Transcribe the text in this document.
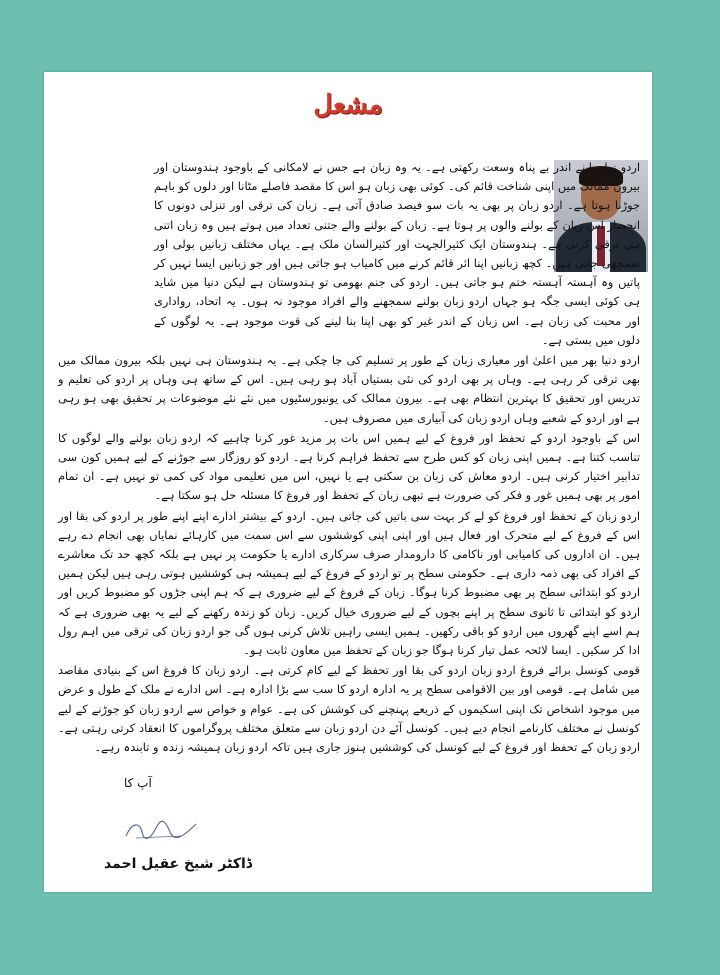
مشعل

اردو زبان اپنے اندر بے پناہ وسعت رکھتی ہے۔ یہ وہ زبان ہے جس نے لامکانی کے باوجود ہندوستان اور بیرون ممالک میں اپنی شناخت قائم کی۔ کوئی بھی زبان ہو اس کا مقصد فاصلے مٹانا اور دلوں کو باہم جوڑنا ہوتا ہے۔ اردو زبان پر بھی یہ بات سو فیصد صادق آتی ہے۔ زبان کی ترقی اور تنزلی دونوں کا انحصار اس زبان کے بولنے والوں پر ہوتا ہے۔ زبان کے بولنے والے جتنی تعداد میں ہوتے ہیں وہ زبان اتنی ہی ترقی کرتی ہے۔ ہندوستان ایک کثیرالجہت اور کثیرالسان ملک ہے۔ یہاں مختلف زبانیں بولی اور سمجھی جاتی ہیں۔ کچھ زبانیں اپنا اثر قائم کرنے میں کامیاب ہو جاتی ہیں اور جو زبانیں ایسا نہیں کر پاتیں وہ آہستہ آہستہ ختم ہو جاتی ہیں۔ اردو کی جنم بھومی تو ہندوستان ہے لیکن دنیا میں شاید ہی کوئی ایسی جگہ ہو جہاں اردو زبان بولنے سمجھنے والے افراد موجود نہ ہوں۔ یہ اتحاد، رواداری اور محبت کی زبان ہے۔ اس زبان کے اندر غیر کو بھی اپنا بنا لینے کی قوت موجود ہے۔ یہ لوگوں کے دلوں میں بستی ہے۔

اردو دنیا بھر میں اعلیٰ اور معیاری زبان کے طور پر تسلیم کی جا چکی ہے۔ یہ ہندوستان ہی نہیں بلکہ بیرون ممالک میں بھی ترقی کر رہی ہے۔ وہاں پر بھی اردو کی نئی بستیاں آباد ہو رہی ہیں۔ اس کے ساتھ ہی وہاں پر اردو کی تعلیم و تدریس اور تحقیق کا بہترین انتظام بھی ہے۔ بیرون ممالک کی یونیورسٹیوں میں نئے نئے موضوعات پر تحقیق بھی ہو رہی ہے اور اردو کے شعبے وہاں اردو زبان کی آبیاری میں مصروف ہیں۔

اس کے باوجود اردو کے تحفظ اور فروغ کے لیے ہمیں اس بات پر مزید غور کرنا چاہیے کہ اردو زبان بولنے والے لوگوں کا تناسب کتنا ہے۔ ہمیں اپنی زبان کو کس طرح سے تحفظ فراہم کرنا ہے۔ اردو کو روزگار سے جوڑنے کے لیے ہمیں کون سی تدابیر اختیار کرنی ہیں۔ اردو معاش کی زبان بن سکتی ہے یا نہیں، اس میں تعلیمی مواد کی کمی تو نہیں ہے۔ ان تمام امور پر بھی ہمیں غور و فکر کی ضرورت ہے تبھی زبان کے تحفظ اور فروغ کا مسئلہ حل ہو سکتا ہے۔

اردو زبان کے تحفظ اور فروغ کو لے کر بہت سی باتیں کی جاتی ہیں۔ اردو کے بیشتر ادارے اپنے اپنے طور پر اردو کی بقا اور اس کے فروغ کے لیے متحرک اور فعال ہیں اور اپنی اپنی کوششوں سے اس سمت میں کارہائے نمایاں بھی انجام دے رہے ہیں۔ ان اداروں کی کامیابی اور ناکامی کا دارومدار صرف سرکاری ادارے یا حکومت پر نہیں ہے بلکہ کچھ حد تک معاشرے کے افراد کی بھی ذمہ داری ہے۔ حکومتی سطح پر تو اردو کے فروغ کے لیے ہمیشہ ہی کوششیں ہوتی رہی ہیں لیکن ہمیں اردو کو ابتدائی سطح پر بھی مضبوط کرنا ہوگا۔ زبان کے فروغ کے لیے ضروری ہے کہ ہم اپنی جڑوں کو مضبوط کریں اور اردو کو ابتدائی تا ثانوی سطح پر اپنے بچوں کے لیے ضروری خیال کریں۔ زبان کو زندہ رکھنے کے لیے یہ بھی ضروری ہے کہ ہم اسے اپنے گھروں میں اردو کو باقی رکھیں۔ ہمیں ایسی راہیں تلاش کرنی ہوں گی جو اردو زبان کی ترقی میں اہم رول ادا کر سکیں۔ ایسا لائحہ عمل تیار کرنا ہوگا جو زبان کے تحفظ میں معاون ثابت ہو۔

قومی کونسل برائے فروغ اردو زبان اردو کی بقا اور تحفظ کے لیے کام کرتی ہے۔ اردو زبان کا فروغ اس کے بنیادی مقاصد میں شامل ہے۔ قومی اور بین الاقوامی سطح پر یہ ادارہ اردو کا سب سے بڑا ادارہ ہے۔ اس ادارے نے ملک کے طول و عرض میں موجود اشخاص تک اپنی اسکیموں کے ذریعے پہنچنے کی کوشش کی ہے۔ عوام و خواص سے اردو زبان کو جوڑنے کے لیے کونسل نے مختلف کارنامے انجام دیے ہیں۔ کونسل آئے دن اردو زبان سے متعلق مختلف پروگراموں کا انعقاد کرتی رہتی ہے۔ اردو زبان کے تحفظ اور فروغ کے لیے کونسل کی کوششیں ہنوز جاری ہیں تاکہ اردو زبان ہمیشہ زندہ و تابندہ رہے۔

آپ کا
ڈاکٹر شیخ عقیل احمد
